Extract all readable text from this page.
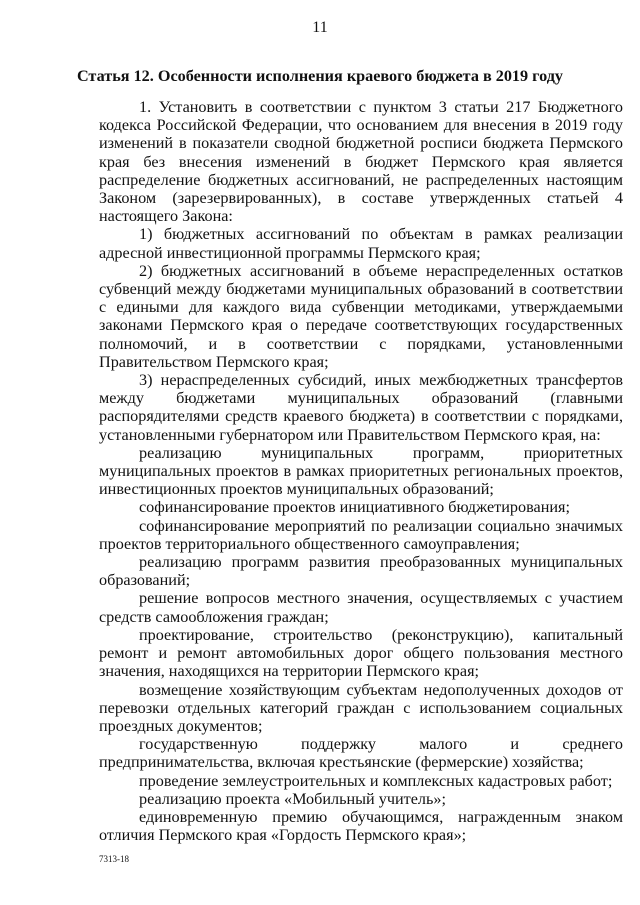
11
Статья 12. Особенности исполнения краевого бюджета в 2019 году

1. Установить в соответствии с пунктом 3 статьи 217 Бюджетного кодекса Российской Федерации, что основанием для внесения в 2019 году изменений в показатели сводной бюджетной росписи бюджета Пермского края без внесения изменений в бюджет Пермского края является распределение бюджетных ассигнований, не распределенных настоящим Законом (зарезервированных), в составе утвержденных статьей 4 настоящего Закона:

1) бюджетных ассигнований по объектам в рамках реализации адресной инвестиционной программы Пермского края;

2) бюджетных ассигнований в объеме нераспределенных остатков субвенций между бюджетами муниципальных образований в соответствии с едиными для каждого вида субвенции методиками, утверждаемыми законами Пермского края о передаче соответствующих государственных полномочий, и в соответствии с порядками, установленными Правительством Пермского края;

3) нераспределенных субсидий, иных межбюджетных трансфертов между бюджетами муниципальных образований (главными распорядителями средств краевого бюджета) в соответствии с порядками, установленными губернатором или Правительством Пермского края, на:

реализацию муниципальных программ, приоритетных муниципальных проектов в рамках приоритетных региональных проектов, инвестиционных проектов муниципальных образований;

софинансирование проектов инициативного бюджетирования;

софинансирование мероприятий по реализации социально значимых проектов территориального общественного самоуправления;

реализацию программ развития преобразованных муниципальных образований;

решение вопросов местного значения, осуществляемых с участием средств самообложения граждан;

проектирование, строительство (реконструкцию), капитальный ремонт и ремонт автомобильных дорог общего пользования местного значения, находящихся на территории Пермского края;

возмещение хозяйствующим субъектам недополученных доходов от перевозки отдельных категорий граждан с использованием социальных проездных документов;

государственную поддержку малого и среднего предпринимательства, включая крестьянские (фермерские) хозяйства;

проведение землеустроительных и комплексных кадастровых работ;

реализацию проекта «Мобильный учитель»;

единовременную премию обучающимся, награжденным знаком отличия Пермского края «Гордость Пермского края»;

7313-18
